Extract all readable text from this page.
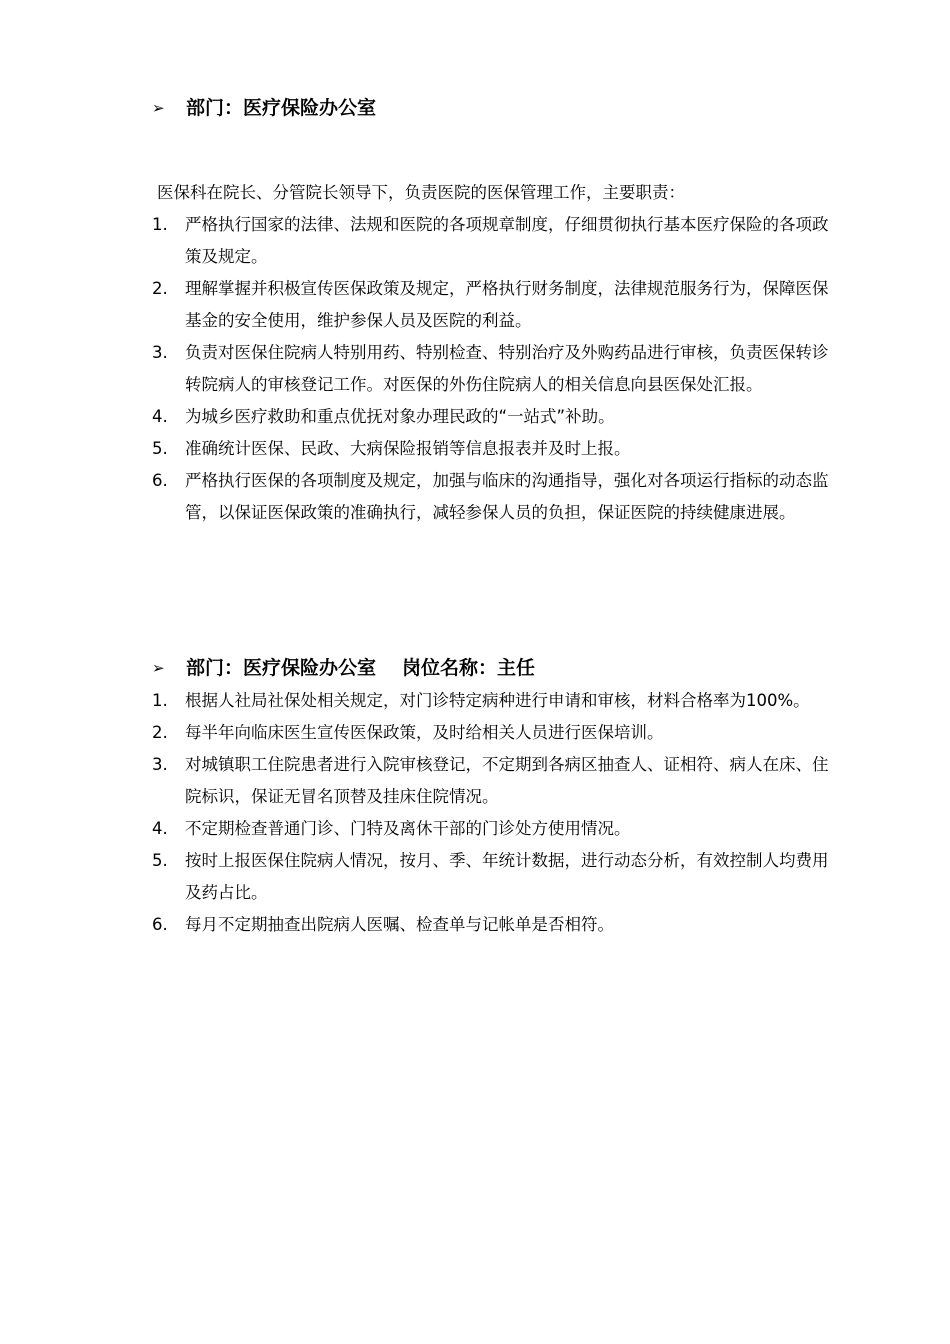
➢	部门：医疗保险办公室
医保科在院长、分管院长领导下，负责医院的医保管理工作，主要职责：
1. 严格执行国家的法律、法规和医院的各项规章制度，仔细贯彻执行基本医疗保险的各项政策及规定。
2. 理解掌握并积极宣传医保政策及规定，严格执行财务制度，法律规范服务行为，保障医保基金的安全使用，维护参保人员及医院的利益。
3. 负责对医保住院病人特别用药、特别检查、特别治疗及外购药品进行审核，负责医保转诊转院病人的审核登记工作。对医保的外伤住院病人的相关信息向县医保处汇报。
4. 为城乡医疗救助和重点优抚对象办理民政的“一站式”补助。
5. 准确统计医保、民政、大病保险报销等信息报表并及时上报。
6. 严格执行医保的各项制度及规定，加强与临床的沟通指导，强化对各项运行指标的动态监管，以保证医保政策的准确执行，减轻参保人员的负担，保证医院的持续健康进展。
➢	部门：医疗保险办公室 岗位名称：主任
1. 根据人社局社保处相关规定，对门诊特定病种进行申请和审核，材料合格率为100%。
2. 每半年向临床医生宣传医保政策，及时给相关人员进行医保培训。
3. 对城镇职工住院患者进行入院审核登记，不定期到各病区抽查人、证相符、病人在床、住院标识，保证无冒名顶替及挂床住院情况。
4. 不定期检查普通门诊、门特及离休干部的门诊处方使用情况。
5. 按时上报医保住院病人情况，按月、季、年统计数据，进行动态分析，有效控制人均费用及药占比。
6. 每月不定期抽查出院病人医嘱、检查单与记帐单是否相符。
